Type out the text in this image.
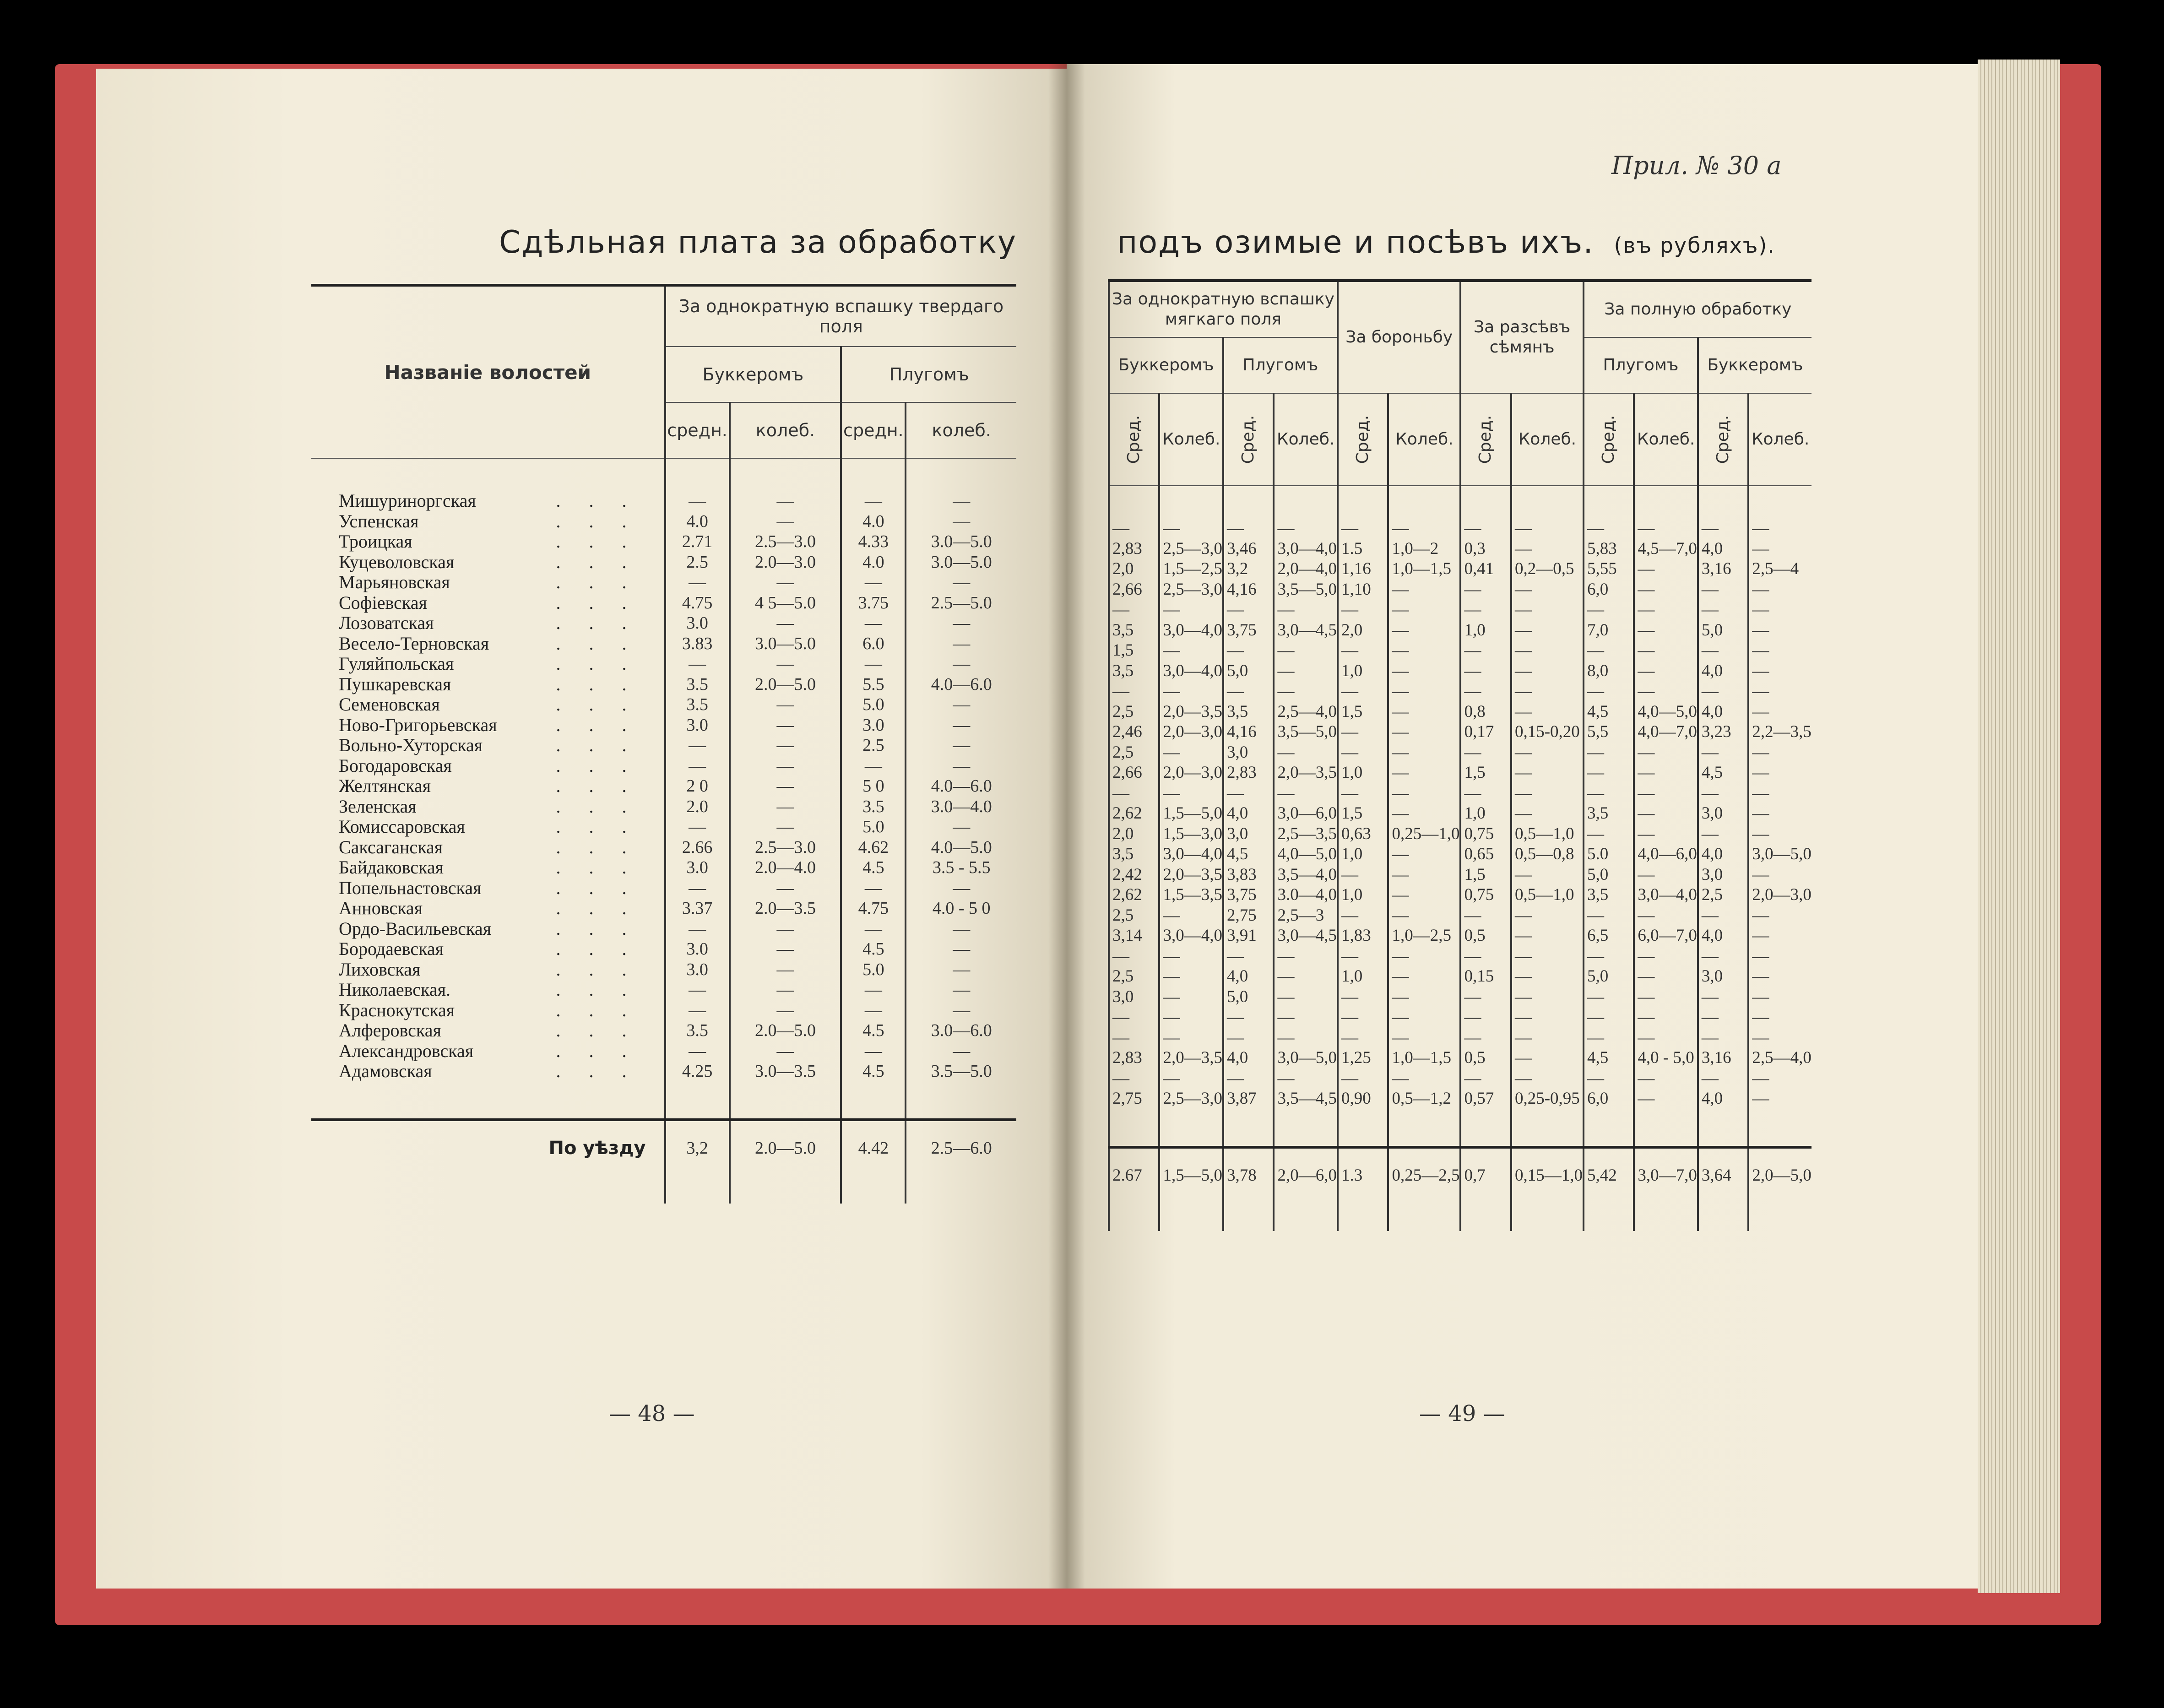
Сдѣльная плата за обработку
Прил. № 30 а
подъ озимые и посѣвъ ихъ. (въ рубляхъ).
Названіе волостей	За однократную вспашку твердаго поля			
	Буккеромъ		Плугомъ	
	средн.	колеб.	средн.	колеб.

Мишуриноргская ...	—	—	—	—
Успенская ...	4.0	—	4.0	—
Троицкая ...	2.71	2.5—3.0	4.33	3.0—5.0
Куцеволовская ...	2.5	2.0—3.0	4.0	3.0—5.0
Марьяновская ...	—	—	—	—
Софіевская ...	4.75	4 5—5.0	3.75	2.5—5.0
Лозоватская ...	3.0	—	—	—
Весело-Терновская ...	3.83	3.0—5.0	6.0	—
Гуляйпольская ...	—	—	—	—
Пушкаревская ...	3.5	2.0—5.0	5.5	4.0—6.0
Семеновская ...	3.5	—	5.0	—
Ново-Григорьевская ...	3.0	—	3.0	—
Вольно-Хуторская ...	—	—	2.5	—
Богодаровская ...	—	—	—	—
Желтянская ...	2 0	—	5 0	4.0—6.0
Зеленская ...	2.0	—	3.5	3.0—4.0
Комиссаровская ...	—	—	5.0	—
Саксаганская ...	2.66	2.5—3.0	4.62	4.0—5.0
Байдаковская ...	3.0	2.0—4.0	4.5	3.5 - 5.5
Попельнастовская ...	—	—	—	—
Анновская ...	3.37	2.0—3.5	4.75	4.0 - 5 0
Ордо-Васильевская ...	—	—	—	—
Бородаевская ...	3.0	—	4.5	—
Лиховская ...	3.0	—	5.0	—
Николаевская. ...	—	—	—	—
Краснокутская ...	—	—	—	—
Алферовская ...	3.5	2.0—5.0	4.5	3.0—6.0
Александровская ...	—	—	—	—
Адамовская ...	4.25	3.0—3.5	4.5	3.5—5.0

По уѣзду	3,2	2.0—5.0	4.42	2.5—6.0

За однократную вспашку мягкаго поля				За бороньбу		За разсѣвъ сѣмянъ		За полную обработку			
Буккеромъ		Плугомъ						Плугомъ		Буккеромъ	
Сред.	Колеб.	Сред.	Колеб.	Сред.	Колеб.	Сред.	Колеб.	Сред.	Колеб.	Сред.	Колеб.

—	—	—	—	—	—	—	—	—	—	—	—
2,83	2,5—3,0	3,46	3,0—4,0	1.5	1,0—2	0,3	—	5,83	4,5—7,0	4,0	—
2,0	1,5—2,5	3,2	2,0—4,0	1,16	1,0—1,5	0,41	0,2—0,5	5,55	—	3,16	2,5—4
2,66	2,5—3,0	4,16	3,5—5,0	1,10	—	—	—	6,0	—	—	—
—	—	—	—	—	—	—	—	—	—	—	—
3,5	3,0—4,0	3,75	3,0—4,5	2,0	—	1,0	—	7,0	—	5,0	—
1,5	—	—	—	—	—	—	—	—	—	—	—
3,5	3,0—4,0	5,0	—	1,0	—	—	—	8,0	—	4,0	—
—	—	—	—	—	—	—	—	—	—	—	—
2,5	2,0—3,5	3,5	2,5—4,0	1,5	—	0,8	—	4,5	4,0—5,0	4,0	—
2,46	2,0—3,0	4,16	3,5—5,0	—	—	0,17	0,15-0,20	5,5	4,0—7,0	3,23	2,2—3,5
2,5	—	3,0	—	—	—	—	—	—	—	—	—
2,66	2,0—3,0	2,83	2,0—3,5	1,0	—	1,5	—	—	—	4,5	—
—	—	—	—	—	—	—	—	—	—	—	—
2,62	1,5—5,0	4,0	3,0—6,0	1,5	—	1,0	—	3,5	—	3,0	—
2,0	1,5—3,0	3,0	2,5—3,5	0,63	0,25—1,0	0,75	0,5—1,0	—	—	—	—
3,5	3,0—4,0	4,5	4,0—5,0	1,0	—	0,65	0,5—0,8	5.0	4,0—6,0	4,0	3,0—5,0
2,42	2,0—3,5	3,83	3,5—4,0	—	—	1,5	—	5,0	—	3,0	—
2,62	1,5—3,5	3,75	3.0—4,0	1,0	—	0,75	0,5—1,0	3,5	3,0—4,0	2,5	2,0—3,0
2,5	—	2,75	2,5—3	—	—	—	—	—	—	—	—
3,14	3,0—4,0	3,91	3,0—4,5	1,83	1,0—2,5	0,5	—	6,5	6,0—7,0	4,0	—
—	—	—	—	—	—	—	—	—	—	—	—
2,5	—	4,0	—	1,0	—	0,15	—	5,0	—	3,0	—
3,0	—	5,0	—	—	—	—	—	—	—	—	—
—	—	—	—	—	—	—	—	—	—	—	—
—	—	—	—	—	—	—	—	—	—	—	—
2,83	2,0—3,5	4,0	3,0—5,0	1,25	1,0—1,5	0,5	—	4,5	4,0 - 5,0	3,16	2,5—4,0
—	—	—	—	—	—	—	—	—	—	—	—
2,75	2,5—3,0	3,87	3,5—4,5	0,90	0,5—1,2	0,57	0,25-0,95	6,0	—	4,0	—

2.67	1,5—5,0	3,78	2,0—6,0	1.3	0,25—2,5	0,7	0,15—1,0	5,42	3,0—7,0	3,64	2,0—5,0

— 48 —	— 49 —
